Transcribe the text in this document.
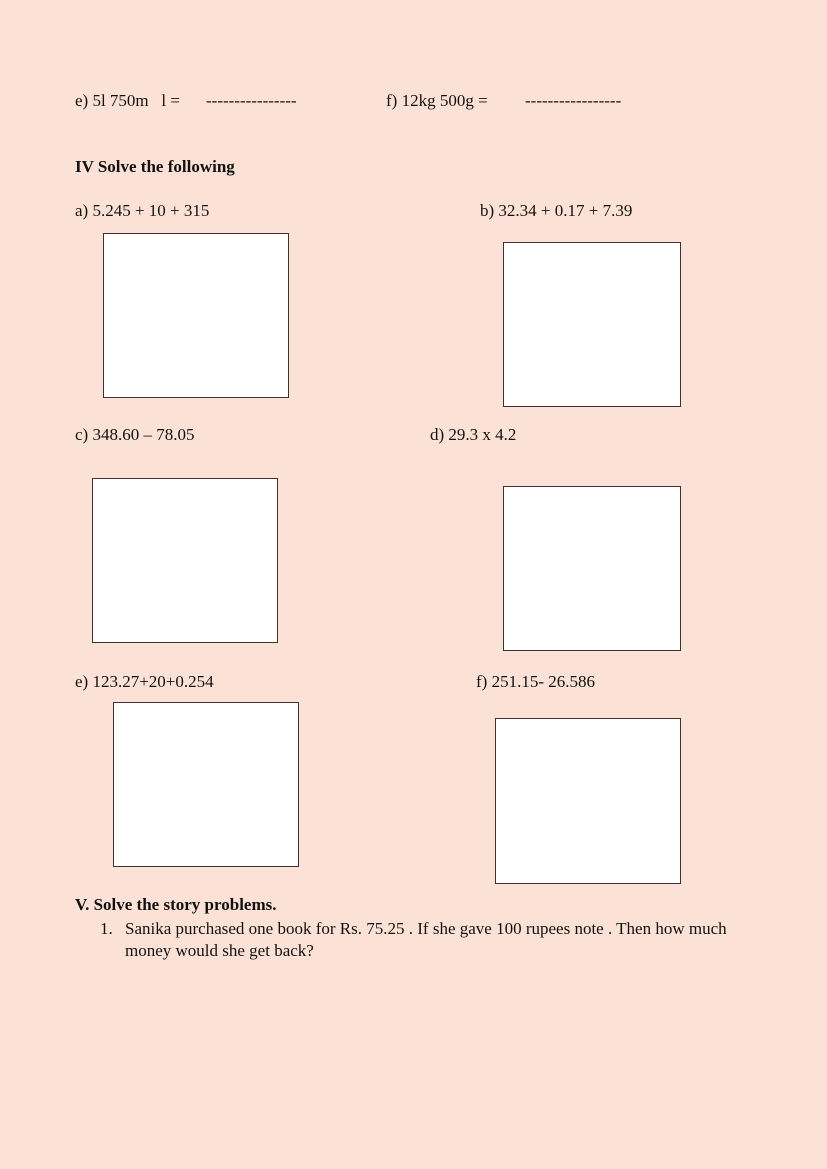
e) 5l 750m   l = ----------------	f) 12kg 500g = -----------------
IV Solve the following
a) 5.245 + 10 + 315	b) 32.34 + 0.17 + 7.39
c) 348.60 – 78.05	d) 29.3 x 4.2
e) 123.27+20+0.254	f) 251.15- 26.586
V. Solve the story problems.
1. Sanika purchased one book for Rs. 75.25 . If she gave 100 rupees note . Then how much money would she get back?
